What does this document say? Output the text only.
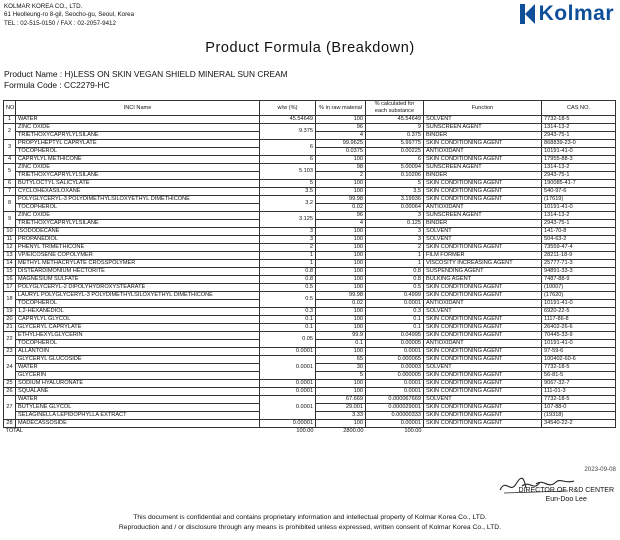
KOLMAR KOREA CO., LTD.
61 Heolleung-ro 8-gil, Seocho-gu, Seoul, Korea
TEL : 02-515-0150 / FAX : 02-2057-9412	Kolmar
Product Formula (Breakdown)
Product Name : H)LESS ON SKIN VEGAN SHIELD MINERAL SUN CREAM
Formula Code : CC2279-HC
NO	INCI Name	w/w (%)	% in raw material	% calculated for each substance	Function	CAS NO.
1	WATER	45.54649	100	45.54649	SOLVENT	7732-18-5
2	ZINC OXIDE	9.375	96	9	SUNSCREEN AGENT	1314-13-2
	TRIETHOXYCAPRYLYLSILANE		4	0.375	BINDER	2943-75-1
3	PROPYLHEPTYL CAPRYLATE	6	99.9625	5.99775	SKIN CONDITIONING AGENT	868839-23-0
	TOCOPHEROL		0.0375	0.00225	ANTIOXIDANT	10191-41-0
4	CAPRYLYL METHICONE	6	100	6	SKIN CONDITIONING AGENT	17955-88-3
5	ZINC OXIDE	5.103	98	5.00094	SUNSCREEN AGENT	1314-13-2
	TRIETHOXYCAPRYLYLSILANE		2	0.10206	BINDER	2943-75-1
6	BUTYLOCTYL SALICYLATE	5	100	5	SKIN CONDITIONING AGENT	190085-41-7
7	CYCLOHEXASILOXANE	3.5	100	3.5	SKIN CONDITIONING AGENT	540-97-6
8	POLYGLYCERYL-3 POLYDIMETHYLSILOXYETHYL DIMETHICONE	3.2	99.98	3.19936	SKIN CONDITIONING AGENT	(17619)
	TOCOPHEROL		0.02	0.00064	ANTIOXIDANT	10191-41-0
9	ZINC OXIDE	3.125	96	3	SUNSCREEN AGENT	1314-13-2
	TRIETHOXYCAPRYLYLSILANE		4	0.125	BINDER	2943-75-1
10	ISODODECANE	3	100	3	SOLVENT	141-70-8
11	PROPANEDIOL	3	100	3	SOLVENT	504-63-2
12	PHENYL TRIMETHICONE	2	100	2	SKIN CONDITIONING AGENT	73559-47-4
13	VP/EICOSENE COPOLYMER	1	100	1	FILM FORMER	28211-18-9
14	METHYL METHACRYLATE CROSSPOLYMER	1	100	1	VISCOSITY INCREASING AGENT	25777-71-3
15	DISTEARDIMONIUM HECTORITE	0.8	100	0.8	SUSPENDING AGENT	94891-33-3
16	MAGNESIUM SULFATE	0.8	100	0.8	BULKING AGENT	7487-88-9
17	POLYGLYCERYL-2 DIPOLYHYDROXYSTEARATE	0.5	100	0.5	SKIN CONDITIONING AGENT	(10007)
18	LAURYL POLYGLYCERYL-3 POLYDIMETHYLSILOXYETHYL DIMETHICONE	0.5	99.98	0.4999	SKIN CONDITIONING AGENT	(17620)
	TOCOPHEROL		0.02	0.0001	ANTIOXIDANT	10191-41-0
19	1,2-HEXANEDIOL	0.3	100	0.3	SOLVENT	6920-22-5
20	CAPRYLYL GLYCOL	0.1	100	0.1	SKIN CONDITIONING AGENT	1117-86-8
21	GLYCERYL CAPRYLATE	0.1	100	0.1	SKIN CONDITIONING AGENT	26402-26-6
22	ETHYLHEXYLGLYCERIN	0.05	99.9	0.04995	SKIN CONDITIONING AGENT	70445-33-9
	TOCOPHEROL		0.1	0.00005	ANTIOXIDANT	10191-41-0
23	ALLANTOIN	0.0001	100	0.0001	SKIN CONDITIONING AGENT	97-59-6
24	GLYCERYL GLUCOSIDE	0.0001	65	0.000065	SKIN CONDITIONING AGENT	100402-60-6
	WATER		30	0.00003	SOLVENT	7732-18-5
	GLYCERIN		5	0.000005	SKIN CONDITIONING AGENT	56-81-5
25	SODIUM HYALURONATE	0.0001	100	0.0001	SKIN CONDITIONING AGENT	9067-32-7
26	SQUALANE	0.0001	100	0.0001	SKIN CONDITIONING AGENT	111-01-3
27	WATER	0.0001	67.669	0.000067669	SOLVENT	7732-18-5
	BUTYLENE GLYCOL		29.001	0.000029001	SKIN CONDITIONING AGENT	107-88-0
	SELAGINELLA LEPIDOPHYLLA EXTRACT		3.33	0.00000333	SKIN CONDITIONING AGENT	(19318)
28	MADECASSOSIDE	0.00001	100	0.00001	SKIN CONDITIONING AGENT	34540-22-2
TOTAL		100.00	2800.00	100.00		
2023-09-08
DIRECTOR OF R&D CENTER
Eun-Doo Lee
This document is confidential and contains proprietary information and intellectual property of Kolmar Korea Co., LTD.
Reproduction and / or disclosure through any means is prohibited unless expressed, written consent of Kolmar Korea Co., LTD.
